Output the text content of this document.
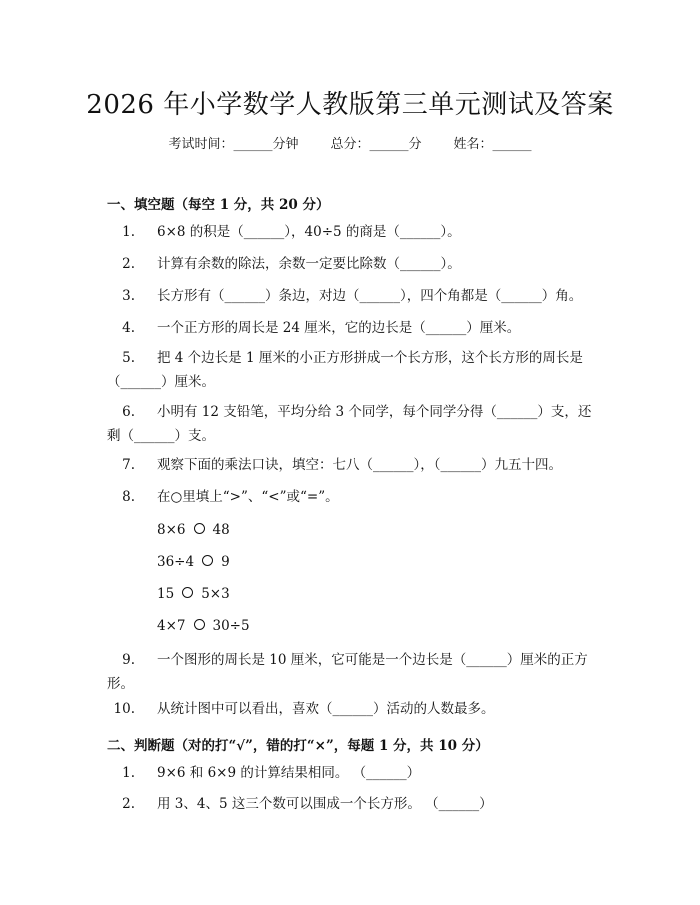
2026 年小学数学人教版第三单元测试及答案
考试时间：______分钟 总分：______分 姓名：______
一、填空题（每空 1 分，共 20 分）
1. 6×8 的积是（______），40÷5 的商是（______）。
2. 计算有余数的除法，余数一定要比除数（______）。
3. 长方形有（______）条边，对边（______），四个角都是（______）角。
4. 一个正方形的周长是 24 厘米，它的边长是（______）厘米。
5. 把 4 个边长是 1 厘米的小正方形拼成一个长方形，这个长方形的周长是（______）厘米。
6. 小明有 12 支铅笔，平均分给 3 个同学，每个同学分得（______）支，还剩（______）支。
7. 观察下面的乘法口诀，填空：七八（______），（______）九五十四。
8. 在○里填上“>”、“<”或“=”。
8×6 48
36÷4 9
15 5×3
4×7 30÷5
9. 一个图形的周长是 10 厘米，它可能是一个边长是（______）厘米的正方形。
10. 从统计图中可以看出，喜欢（______）活动的人数最多。
二、判断题（对的打“√”，错的打“×”，每题 1 分，共 10 分）
1. 9×6 和 6×9 的计算结果相同。 （______）
2. 用 3、4、5 这三个数可以围成一个长方形。 （______）
